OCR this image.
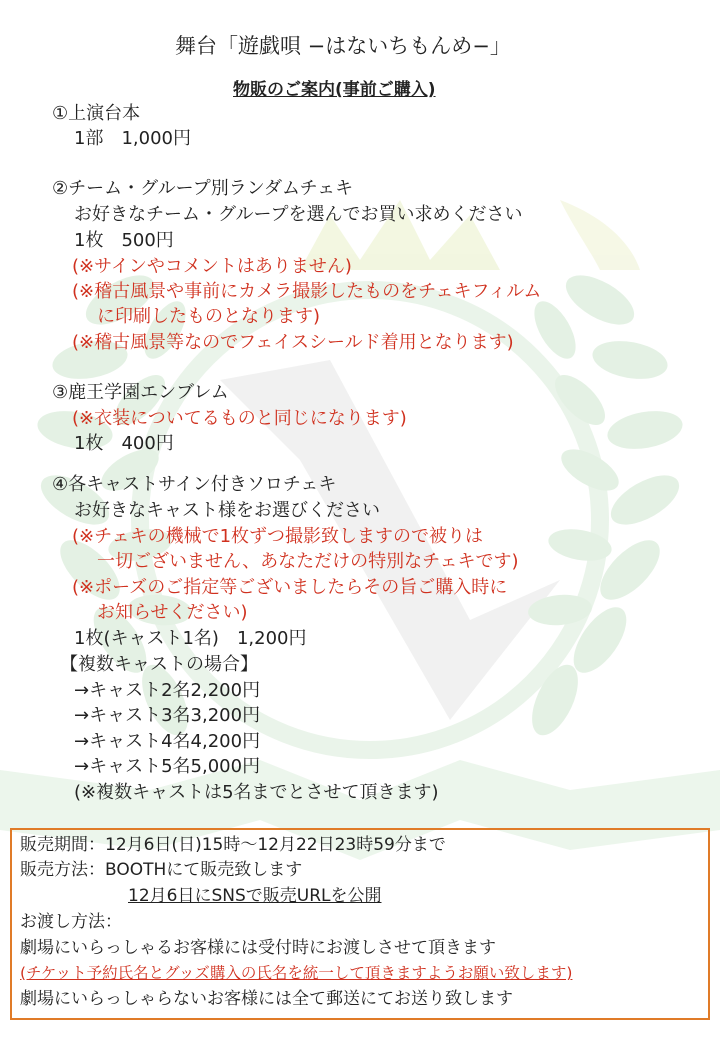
舞台「遊戯唄 −はないちもんめ−」
物販のご案内(事前ご購入)
①上演台本
1部　1,000円
②チーム・グループ別ランダムチェキ
お好きなチーム・グループを選んでお買い求めください
1枚　500円
(※サインやコメントはありません)
(※稽古風景や事前にカメラ撮影したものをチェキフィルム
に印刷したものとなります)
(※稽古風景等なのでフェイスシールド着用となります)
③鹿王学園エンブレム
(※衣装についてるものと同じになります)
1枚　400円
④各キャストサイン付きソロチェキ
お好きなキャスト様をお選びください
(※チェキの機械で1枚ずつ撮影致しますので被りは
一切ございません、あなただけの特別なチェキです)
(※ポーズのご指定等ございましたらその旨ご購入時に
お知らせください)
1枚(キャスト1名)　1,200円
【複数キャストの場合】
→キャスト2名2,200円
→キャスト3名3,200円
→キャスト4名4,200円
→キャスト5名5,000円
(※複数キャストは5名までとさせて頂きます)
販売期間：12月6日(日)15時〜12月22日23時59分まで
販売方法：BOOTHにて販売致します
12月6日にSNSで販売URLを公開
お渡し方法：
劇場にいらっしゃるお客様には受付時にお渡しさせて頂きます
(チケット予約氏名とグッズ購入の氏名を統一して頂きますようお願い致します)
劇場にいらっしゃらないお客様には全て郵送にてお送り致します
